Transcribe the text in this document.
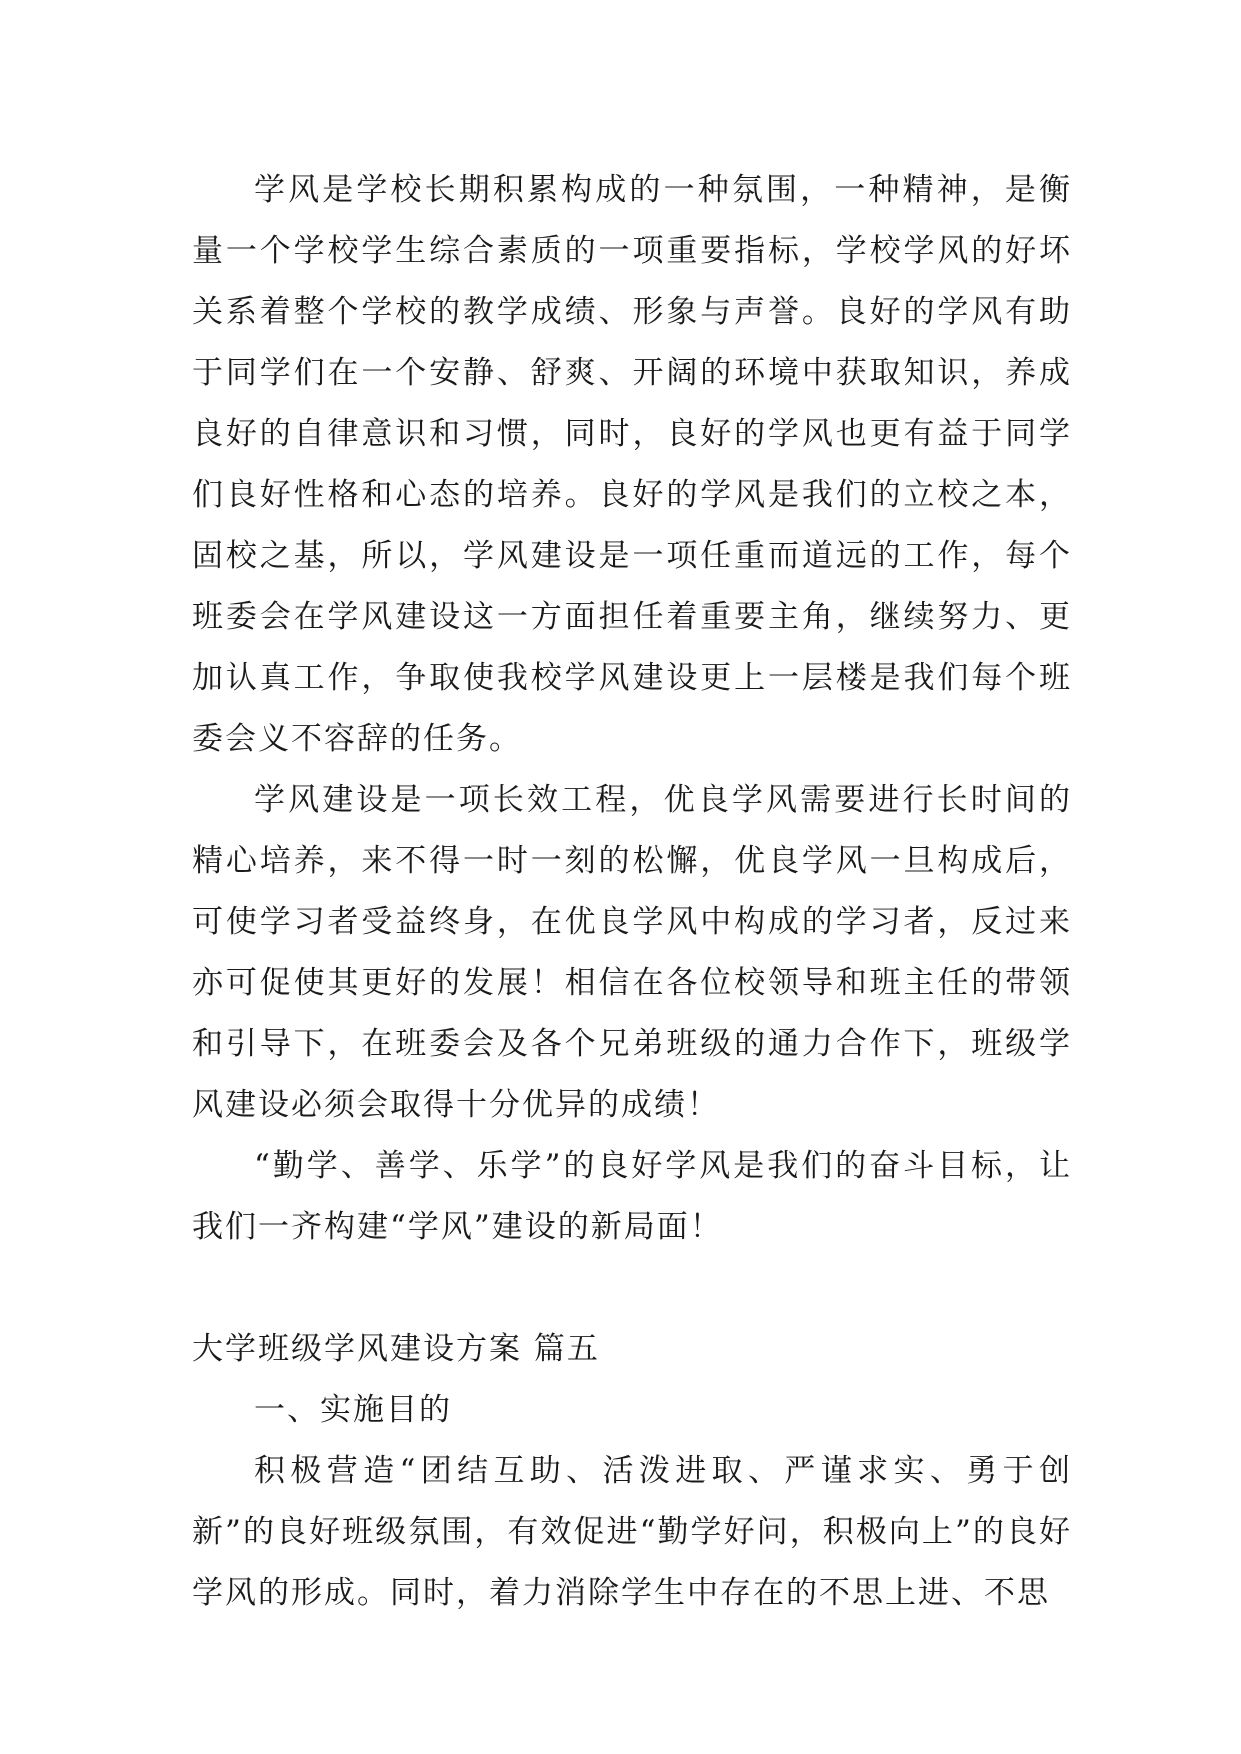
学风是学校长期积累构成的一种氛围，一种精神，是衡量一个学校学生综合素质的一项重要指标，学校学风的好坏关系着整个学校的教学成绩、形象与声誉。良好的学风有助于同学们在一个安静、舒爽、开阔的环境中获取知识，养成良好的自律意识和习惯，同时，良好的学风也更有益于同学们良好性格和心态的培养。良好的学风是我们的立校之本，固校之基，所以，学风建设是一项任重而道远的工作，每个班委会在学风建设这一方面担任着重要主角，继续努力、更加认真工作，争取使我校学风建设更上一层楼是我们每个班委会义不容辞的任务。

学风建设是一项长效工程，优良学风需要进行长时间的精心培养，来不得一时一刻的松懈，优良学风一旦构成后，可使学习者受益终身，在优良学风中构成的学习者，反过来亦可促使其更好的发展！相信在各位校领导和班主任的带领和引导下，在班委会及各个兄弟班级的通力合作下，班级学风建设必须会取得十分优异的成绩！

“勤学、善学、乐学”的良好学风是我们的奋斗目标，让我们一齐构建“学风”建设的新局面！

大学班级学风建设方案 篇五

一、实施目的

积极营造“团结互助、活泼进取、严谨求实、勇于创新”的良好班级氛围，有效促进“勤学好问，积极向上”的良好学风的形成。同时，着力消除学生中存在的不思上进、不思
